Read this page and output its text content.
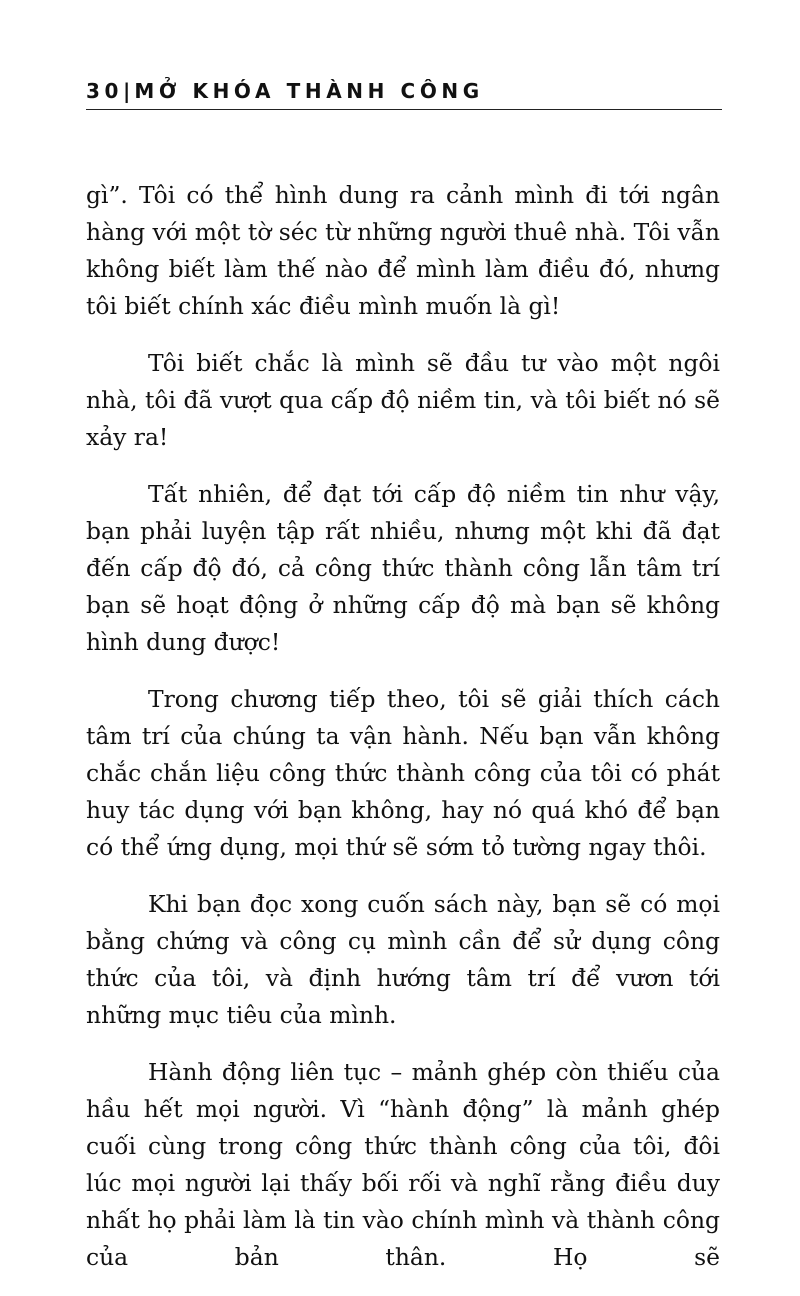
30|MỞ KHÓA THÀNH CÔNG

gì”. Tôi có thể hình dung ra cảnh mình đi tới ngân hàng với một tờ séc từ những người thuê nhà. Tôi vẫn không biết làm thế nào để mình làm điều đó, nhưng tôi biết chính xác điều mình muốn là gì!

Tôi biết chắc là mình sẽ đầu tư vào một ngôi nhà, tôi đã vượt qua cấp độ niềm tin, và tôi biết nó sẽ xảy ra!

Tất nhiên, để đạt tới cấp độ niềm tin như vậy, bạn phải luyện tập rất nhiều, nhưng một khi đã đạt đến cấp độ đó, cả công thức thành công lẫn tâm trí bạn sẽ hoạt động ở những cấp độ mà bạn sẽ không hình dung được!

Trong chương tiếp theo, tôi sẽ giải thích cách tâm trí của chúng ta vận hành. Nếu bạn vẫn không chắc chắn liệu công thức thành công của tôi có phát huy tác dụng với bạn không, hay nó quá khó để bạn có thể ứng dụng, mọi thứ sẽ sớm tỏ tường ngay thôi.

Khi bạn đọc xong cuốn sách này, bạn sẽ có mọi bằng chứng và công cụ mình cần để sử dụng công thức của tôi, và định hướng tâm trí để vươn tới những mục tiêu của mình.

Hành động liên tục – mảnh ghép còn thiếu của hầu hết mọi người. Vì “hành động” là mảnh ghép cuối cùng trong công thức thành công của tôi, đôi lúc mọi người lại thấy bối rối và nghĩ rằng điều duy nhất họ phải làm là tin vào chính mình và thành công của bản thân. Họ sẽ
